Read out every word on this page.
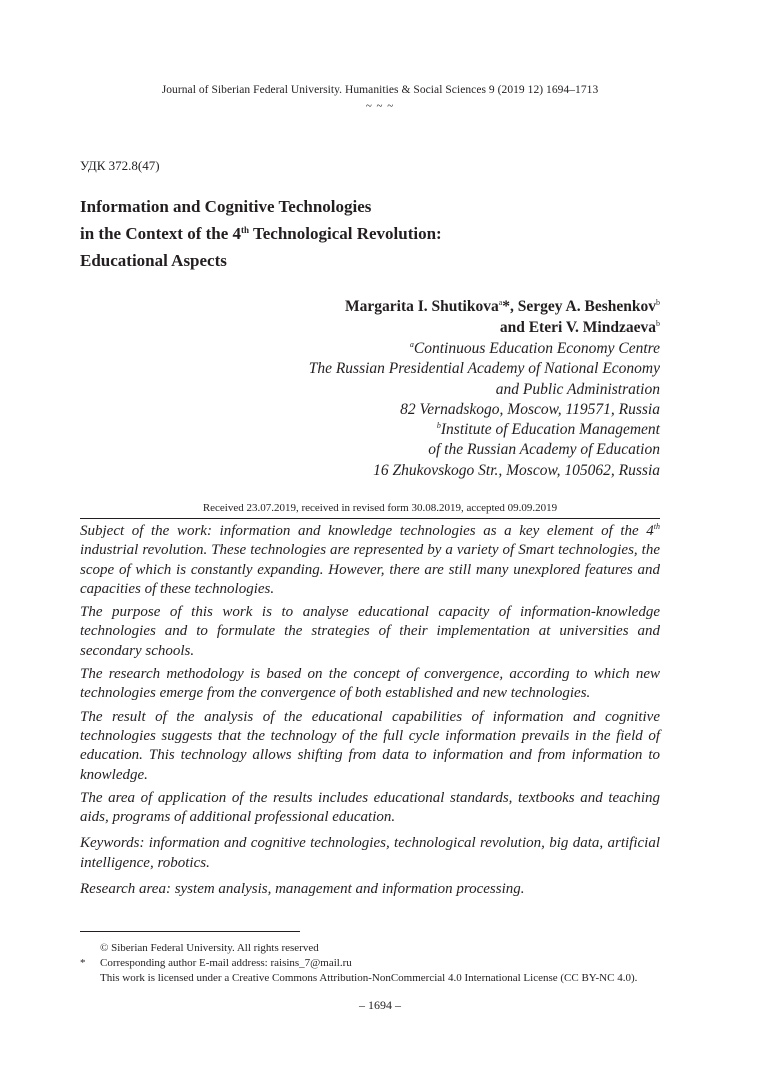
Journal of Siberian Federal University. Humanities & Social Sciences 9 (2019 12) 1694–1713
~ ~ ~
УДК 372.8(47)
Information and Cognitive Technologies
in the Context of the 4th Technological Revolution:
Educational Aspects
Margarita I. Shutikova$^a$*, Sergey A. Beshenkov$^b$
and Eteri V. Mindzaeva$^b$
$^a$Continuous Education Economy Centre
The Russian Presidential Academy of National Economy
and Public Administration
82 Vernadskogo, Moscow, 119571, Russia
$^b$Institute of Education Management
of the Russian Academy of Education
16 Zhukovskogo Str., Moscow, 105062, Russia
Received 23.07.2019, received in revised form 30.08.2019, accepted 09.09.2019

Subject of the work: information and knowledge technologies as a key element of the 4th industrial revolution. These technologies are represented by a variety of Smart technologies, the scope of which is constantly expanding. However, there are still many unexplored features and capacities of these technologies.

The purpose of this work is to analyse educational capacity of information-knowledge technologies and to formulate the strategies of their implementation at universities and secondary schools.

The research methodology is based on the concept of convergence, according to which new technologies emerge from the convergence of both established and new technologies.

The result of the analysis of the educational capabilities of information and cognitive technologies suggests that the technology of the full cycle information prevails in the field of education. This technology allows shifting from data to information and from information to knowledge.

The area of application of the results includes educational standards, textbooks and teaching aids, programs of additional professional education.

Keywords: information and cognitive technologies, technological revolution, big data, artificial intelligence, robotics.

Research area: system analysis, management and information processing.

© Siberian Federal University. All rights reserved
*	Corresponding author E-mail address: raisins_7@mail.ru
This work is licensed under a Creative Commons Attribution-NonCommercial 4.0 International License (CC BY-NC 4.0).
– 1694 –
